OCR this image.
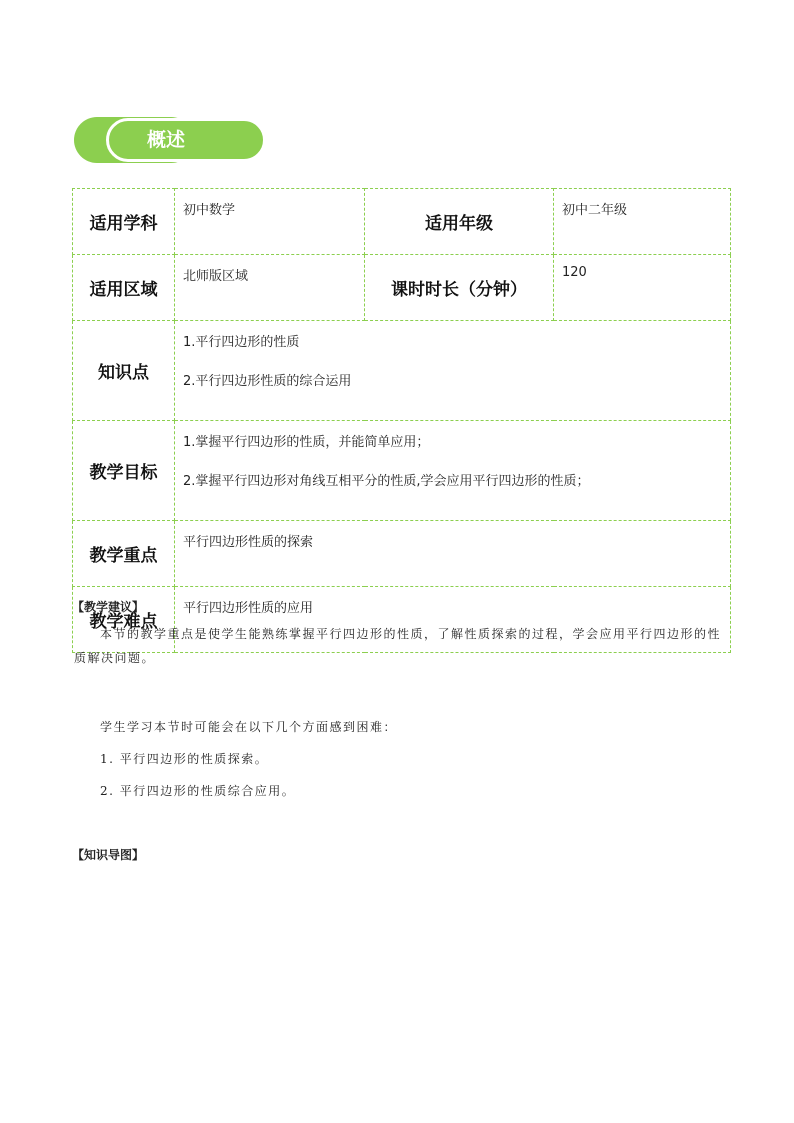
概述
适用学科	初中数学	适用年级	初中二年级
适用区域	北师版区域	课时时长（分钟）	120
知识点	1.平行四边形的性质

2.平行四边形性质的综合运用		

教学目标	1.掌握平行四边形的性质，并能简单应用；

2.掌握平行四边形对角线互相平分的性质,学会应用平行四边形的性质；		

教学重点	平行四边形性质的探索		
教学难点	平行四边形性质的应用		
【教学建议】

本节的教学重点是使学生能熟练掌握平行四边形的性质，了解性质探索的过程，学会应用平行四边形的性质解决问题。

学生学习本节时可能会在以下几个方面感到困难：

1. 平行四边形的性质探索。

2. 平行四边形的性质综合应用。

【知识导图】
